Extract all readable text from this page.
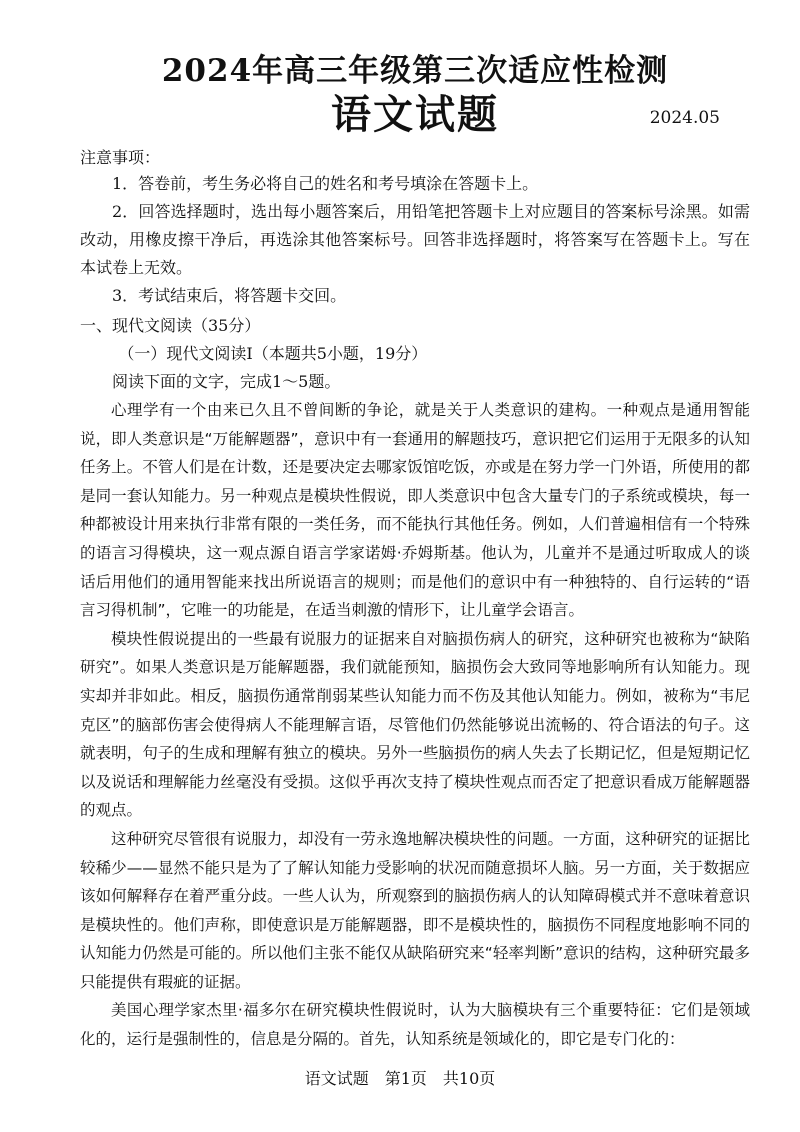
2024年高三年级第三次适应性检测
语文试题	2024.05
注意事项：

1．答卷前，考生务必将自己的姓名和考号填涂在答题卡上。

2．回答选择题时，选出每小题答案后，用铅笔把答题卡上对应题目的答案标号涂黑。如需改动，用橡皮擦干净后，再选涂其他答案标号。回答非选择题时，将答案写在答题卡上。写在本试卷上无效。

3．考试结束后，将答题卡交回。

一、现代文阅读（35分）

（一）现代文阅读Ⅰ（本题共5小题，19分）

阅读下面的文字，完成1～5题。

心理学有一个由来已久且不曾间断的争论，就是关于人类意识的建构。一种观点是通用智能说，即人类意识是“万能解题器”，意识中有一套通用的解题技巧，意识把它们运用于无限多的认知任务上。不管人们是在计数，还是要决定去哪家饭馆吃饭，亦或是在努力学一门外语，所使用的都是同一套认知能力。另一种观点是模块性假说，即人类意识中包含大量专门的子系统或模块，每一种都被设计用来执行非常有限的一类任务，而不能执行其他任务。例如，人们普遍相信有一个特殊的语言习得模块，这一观点源自语言学家诺姆·乔姆斯基。他认为，儿童并不是通过听取成人的谈话后用他们的通用智能来找出所说语言的规则；而是他们的意识中有一种独特的、自行运转的“语言习得机制”，它唯一的功能是，在适当刺激的情形下，让儿童学会语言。

模块性假说提出的一些最有说服力的证据来自对脑损伤病人的研究，这种研究也被称为“缺陷研究”。如果人类意识是万能解题器，我们就能预知，脑损伤会大致同等地影响所有认知能力。现实却并非如此。相反，脑损伤通常削弱某些认知能力而不伤及其他认知能力。例如，被称为“韦尼克区”的脑部伤害会使得病人不能理解言语，尽管他们仍然能够说出流畅的、符合语法的句子。这就表明，句子的生成和理解有独立的模块。另外一些脑损伤的病人失去了长期记忆，但是短期记忆以及说话和理解能力丝毫没有受损。这似乎再次支持了模块性观点而否定了把意识看成万能解题器的观点。

这种研究尽管很有说服力，却没有一劳永逸地解决模块性的问题。一方面，这种研究的证据比较稀少——显然不能只是为了了解认知能力受影响的状况而随意损坏人脑。另一方面，关于数据应该如何解释存在着严重分歧。一些人认为，所观察到的脑损伤病人的认知障碍模式并不意味着意识是模块性的。他们声称，即使意识是万能解题器，即不是模块性的，脑损伤不同程度地影响不同的认知能力仍然是可能的。所以他们主张不能仅从缺陷研究来“轻率判断”意识的结构，这种研究最多只能提供有瑕疵的证据。

美国心理学家杰里·福多尔在研究模块性假说时，认为大脑模块有三个重要特征：它们是领域化的，运行是强制性的，信息是分隔的。首先，认知系统是领域化的，即它是专门化的：

语文试题　第1页　共10页
